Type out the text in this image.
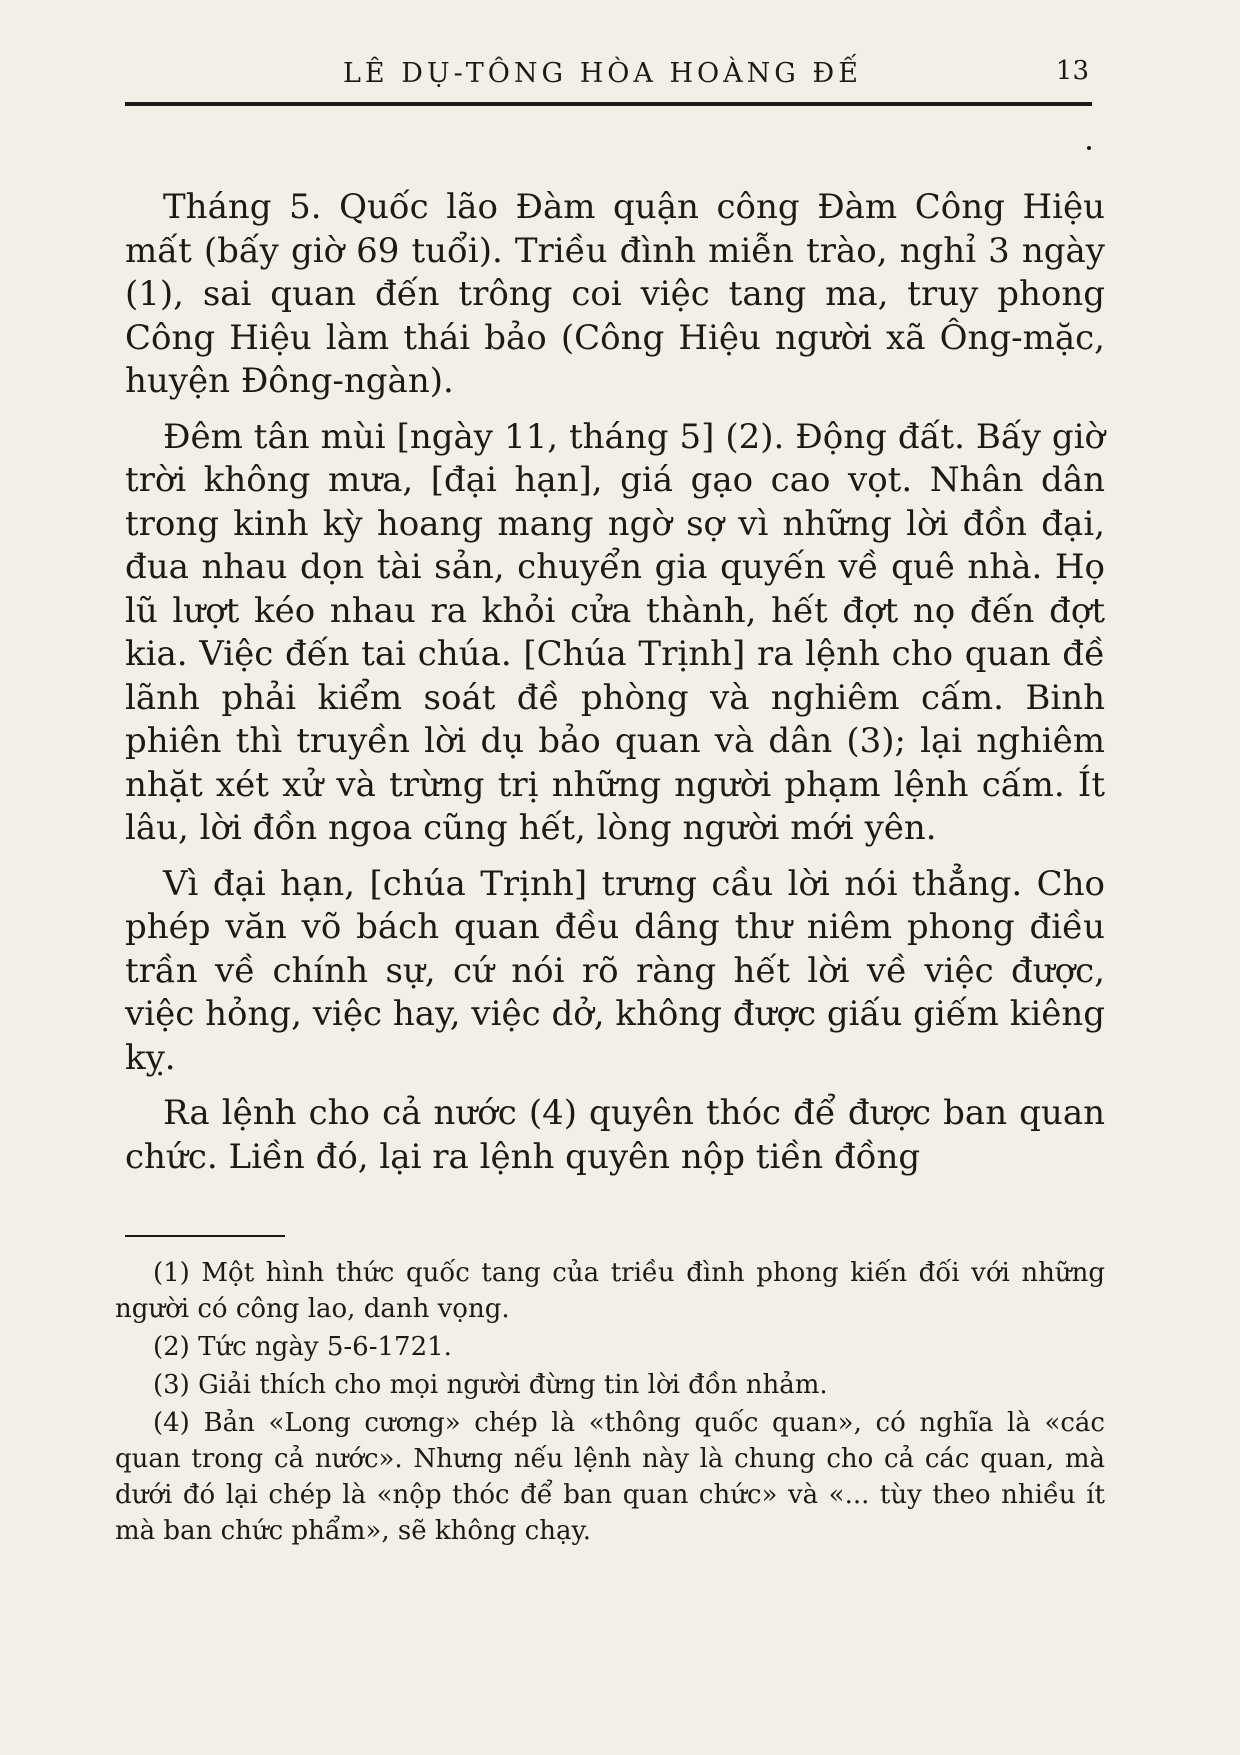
LÊ DỤ-TÔNG HÒA HOÀNG ĐẾ	13

Tháng 5. Quốc lão Đàm quận công Đàm Công Hiệu mất (bấy giờ 69 tuổi). Triều đình miễn trào, nghỉ 3 ngày (1), sai quan đến trông coi việc tang ma, truy phong Công Hiệu làm thái bảo (Công Hiệu người xã Ông-mặc, huyện Đông-ngàn).

Đêm tân mùi [ngày 11, tháng 5] (2). Động đất. Bấy giờ trời không mưa, [đại hạn], giá gạo cao vọt. Nhân dân trong kinh kỳ hoang mang ngờ sợ vì những lời đồn đại, đua nhau dọn tài sản, chuyển gia quyến về quê nhà. Họ lũ lượt kéo nhau ra khỏi cửa thành, hết đợt nọ đến đợt kia. Việc đến tai chúa. [Chúa Trịnh] ra lệnh cho quan đề lãnh phải kiểm soát đề phòng và nghiêm cấm. Binh phiên thì truyền lời dụ bảo quan và dân (3); lại nghiêm nhặt xét xử và trừng trị những người phạm lệnh cấm. Ít lâu, lời đồn ngoa cũng hết, lòng người mới yên.

Vì đại hạn, [chúa Trịnh] trưng cầu lời nói thẳng. Cho phép văn võ bách quan đều dâng thư niêm phong điều trần về chính sự, cứ nói rõ ràng hết lời về việc được, việc hỏng, việc hay, việc dở, không được giấu giếm kiêng kỵ.

Ra lệnh cho cả nước (4) quyên thóc để được ban quan chức. Liền đó, lại ra lệnh quyên nộp tiền đồng

(1) Một hình thức quốc tang của triều đình phong kiến đối với những người có công lao, danh vọng.

(2) Tức ngày 5-6-1721.

(3) Giải thích cho mọi người đừng tin lời đồn nhảm.

(4) Bản «Long cương» chép là «thông quốc quan», có nghĩa là «các quan trong cả nước». Nhưng nếu lệnh này là chung cho cả các quan, mà dưới đó lại chép là «nộp thóc để ban quan chức» và «... tùy theo nhiều ít mà ban chức phẩm», sẽ không chạy.
